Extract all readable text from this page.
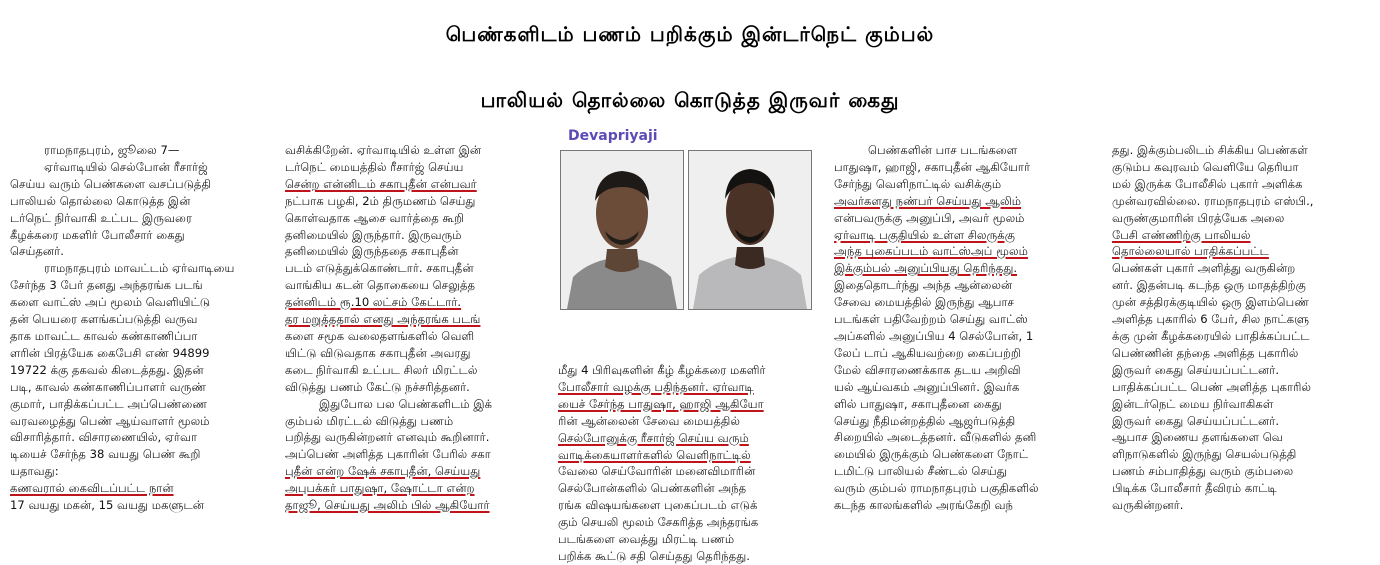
பெண்களிடம் பணம் பறிக்கும் இன்டர்நெட் கும்பல்
பாலியல் தொல்லை கொடுத்த இருவர் கைது
Devapriyaji

ராமநாதபுரம், ஜூலை 7—

ஏர்வாடியில் செல்போன் ரீசார்ஜ்

செய்ய வரும் பெண்களை வசப்படுத்தி

பாலியல் தொல்லை கொடுத்த இன்

டர்நெட் நிர்வாகி உட்பட இருவரை

கீழக்கரை மகளிர் போலீசார் கைது

செய்தனர்.

ராமநாதபுரம் மாவட்டம் ஏர்வாடியை

சேர்ந்த 3 பேர் தனது அந்தரங்க படங்

களை வாட்ஸ் அப் மூலம் வெளியிட்டு

தன் பெயரை களங்கப்படுத்தி வருவ

தாக மாவட்ட காவல் கண்காணிப்பா

ளரின் பிரத்யேக கைபேசி எண் 94899

19722 க்கு தகவல் கிடைத்தது. இதன்

படி, காவல் கண்காணிப்பாளர் வருண்

குமார், பாதிக்கப்பட்ட அப்பெண்ணை

வரவழைத்து பெண் ஆய்வாளர் மூலம்

விசாரித்தார். விசாரணையில், ஏர்வா

டியைச் சேர்ந்த 38 வயது பெண் கூறி

யதாவது:

கணவரால் கைவிடப்பட்ட நான்

17 வயது மகன், 15 வயது மகளுடன்

வசிக்கிறேன். ஏர்வாடியில் உள்ள இன்

டர்நெட் மையத்தில் ரீசார்ஜ் செய்ய

சென்ற என்னிடம் சகாபுதீன் என்பவர்

நட்பாக பழகி, 2ம் திருமணம் செய்து

கொள்வதாக ஆசை வார்த்தை கூறி

தனிமையில் இருந்தார். இருவரும்

தனிமையில் இருந்ததை சகாபுதீன்

படம் எடுத்துக்கொண்டார். சகாபுதீன்

வாங்கிய கடன் தொகையை செலுத்த

தன்னிடம் ரூ.10 லட்சம் கேட்டார்.

தர மறுத்ததால் எனது அந்தரங்க படங்

களை சமூக வலைதளங்களில் வெளி

யிட்டு விடுவதாக சகாபுதீன் அவரது

கடை நிர்வாகி உட்பட சிலர் மிரட்டல்

விடுத்து பணம் கேட்டு நச்சரித்தனர்.

இதுபோல பல பெண்களிடம் இக்

கும்பல் மிரட்டல் விடுத்து பணம்

பறித்து வருகின்றனர் எனவும் கூறினார்.

அப்பெண் அளித்த புகாரின் பேரில் சகா

புதீன் என்ற ஷேக் சகாபுதீன், செய்யது

அபுபக்கர் பாதுஷா, ஷோட்டா என்ற

தாஜூ, செய்யது அலிம் பில் ஆகியோர்

மீது 4 பிரிவுகளின் கீழ் கீழக்கரை மகளிர்

போலீசார் வழக்கு பதிந்தனர். ஏர்வாடி

யைச் சேர்ந்த பாதுஷா, ஹாஜி ஆகியோ

ரின் ஆன்லைன் சேவை மையத்தில்

செல்போனுக்கு ரீசார்ஜ் செய்ய வரும்

வாடிக்கையாளர்களில் வெளிநாட்டில்

வேலை செய்வோரின் மனைவிமாரின்

செல்போன்களில் பெண்களின் அந்த

ரங்க விஷயங்களை புகைப்படம் எடுக்

கும் செயலி மூலம் சேகரித்த அந்தரங்க

படங்களை வைத்து மிரட்டி பணம்

பறிக்க கூட்டு சதி செய்தது தெரிந்தது.

பெண்களின் பாச படங்களை

பாதுஷா, ஹாஜி, சகாபுதீன் ஆகியோர்

சேர்ந்து வெளிநாட்டில் வசிக்கும்

அவர்களது நண்பர் செய்யது ஆலிம்

என்பவருக்கு அனுப்பி, அவர் மூலம்

ஏர்வாடி பகுதியில் உள்ள சிலருக்கு

அந்த புகைப்படம் வாட்ஸ்அப் மூலம்

இக்கும்பல் அனுப்பியது தெரிந்தது.

இதைதொடர்ந்து அந்த ஆன்லைன்

சேவை மையத்தில் இருந்து ஆபாச

படங்கள் பதிவேற்றம் செய்து வாட்ஸ்

அப்களில் அனுப்பிய 4 செல்போன், 1

லேப் டாப் ஆகியவற்றை கைப்பற்றி

மேல் விசாரணைக்காக தடய அறிவி

யல் ஆய்வகம் அனுப்பினர். இவர்க

ளில் பாதுஷா, சகாபுதீனை கைது

செய்து நீதிமன்றத்தில் ஆஜர்படுத்தி

சிறையில் அடைத்தனர். வீடுகளில் தனி

மையில் இருக்கும் பெண்களை நோட்

டமிட்டு பாலியல் சீண்டல் செய்து

வரும் கும்பல் ராமநாதபுரம் பகுதிகளில்

கடந்த காலங்களில் அரங்கேறி வந்

தது. இக்கும்பலிடம் சிக்கிய பெண்கள்

குடும்ப கவுரவம் வெளியே தெரியா

மல் இருக்க போலீசில் புகார் அளிக்க

முன்வரவில்லை. ராமநாதபுரம் எஸ்பி.,

வருண்குமாரின் பிரத்யேக அலை

பேசி எண்ணிற்கு பாலியல்

தொல்லையால் பாதிக்கப்பட்ட

பெண்கள் புகார் அளித்து வருகின்ற

னர். இதன்படி கடந்த ஒரு மாதத்திற்கு

முன் சத்திரக்குடியில் ஒரு இளம்பெண்

அளித்த புகாரில் 6 பேர், சில நாட்களு

க்கு முன் கீழக்கரையில் பாதிக்கப்பட்ட

பெண்ணின் தந்தை அளித்த புகாரில்

இருவர் கைது செய்யப்பட்டனர்.

பாதிக்கப்பட்ட பெண் அளித்த புகாரில்

இன்டர்நெட் மைய நிர்வாகிகள்

இருவர் கைது செய்யப்பட்டனர்.

ஆபாச இணைய தளங்களை வெ

ளிநாடுகளில் இருந்து செயல்படுத்தி

பணம் சம்பாதித்து வரும் கும்பலை

பிடிக்க போலீசார் தீவிரம் காட்டி

வருகின்றனர்.
